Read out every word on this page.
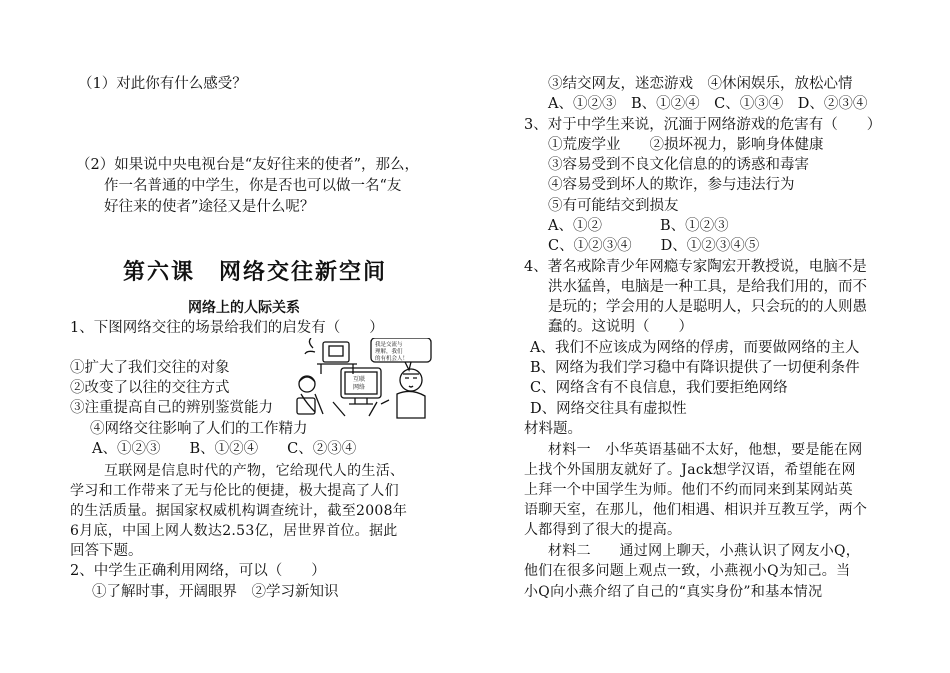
（1）对此你有什么感受？
（2）如果说中央电视台是“友好往来的使者”，那么，
作一名普通的中学生，你是否也可以做一名“友
好往来的使者”途径又是什么呢？
第六课　网络交往新空间
网络上的人际关系
1、下图网络交往的场景给我们的启发有（　　）
①扩大了我们交往的对象
②改变了以往的交往方式
③注重提高自己的辨别鉴赏能力
④网络交往影响了人们的工作精力
A、①②③　　B、①②④　　C、②③④
我是交流与
理解，我们
的有机会人！
互联
网络
互联网是信息时代的产物，它给现代人的生活、
学习和工作带来了无与伦比的便捷，极大提高了人们
的生活质量。据国家权威机构调查统计，截至2008年
6月底，中国上网人数达2.53亿，居世界首位。据此
回答下题。
2、中学生正确利用网络，可以（　　）
①了解时事，开阔眼界　②学习新知识
③结交网友，迷恋游戏　④休闲娱乐，放松心情
A、①②③　B、①②④　C、①③④　D、②③④
3、对于中学生来说，沉湎于网络游戏的危害有（　　）
①荒废学业　　②损坏视力，影响身体健康
③容易受到不良文化信息的的诱惑和毒害
④容易受到坏人的欺诈，参与违法行为
⑤有可能结交到损友
A、①②　　　　B、①②③
C、①②③④　　D、①②③④⑤
4、著名戒除青少年网瘾专家陶宏开教授说，电脑不是
洪水猛兽，电脑是一种工具，是给我们用的，而不
是玩的；学会用的人是聪明人，只会玩的的人则愚
蠢的。这说明（　　）
A、我们不应该成为网络的俘虏，而要做网络的主人
B、网络为我们学习稳中有降识提供了一切便利条件
C、网络含有不良信息，我们要拒绝网络
D、网络交往具有虚拟性
材料题。
材料一　小华英语基础不太好，他想，要是能在网
上找个外国朋友就好了。Jack想学汉语，希望能在网
上拜一个中国学生为师。他们不约而同来到某网站英
语聊天室，在那儿，他们相遇、相识并互教互学，两个
人都得到了很大的提高。
材料二　　通过网上聊天，小燕认识了网友小Q，
他们在很多问题上观点一致，小燕视小Q为知己。当
小Q向小燕介绍了自己的“真实身份”和基本情况
